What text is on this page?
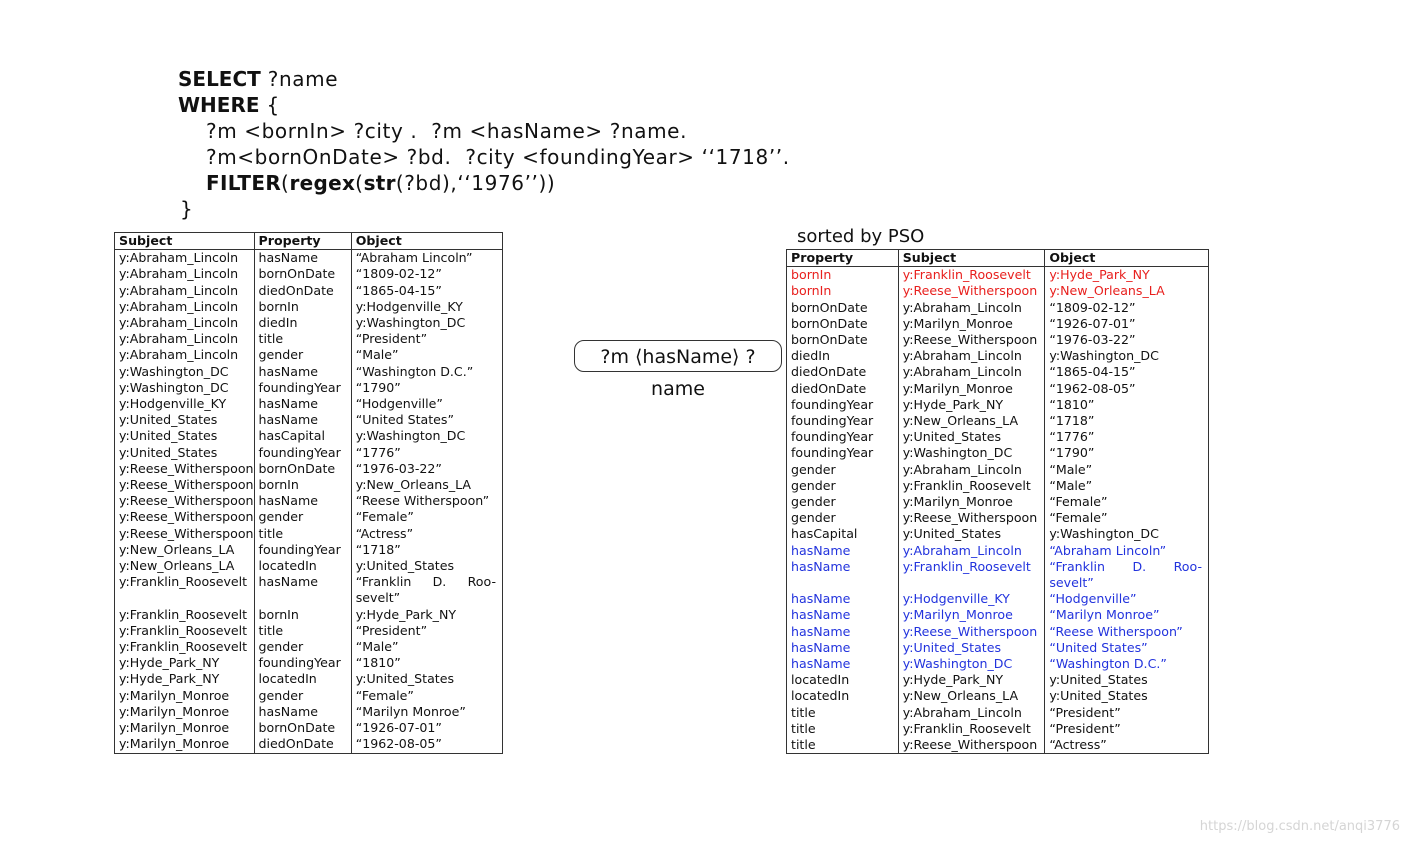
SELECT ?name
WHERE {
?m <bornIn> ?city .  ?m <hasName> ?name.
?m<bornOnDate> ?bd.  ?city <foundingYear> ‘‘1718’’.
FILTER(regex(str(?bd),‘‘1976’’))
}
Subject	Property	Object
y:Abraham_Lincoln	hasName	“Abraham Lincoln”
y:Abraham_Lincoln	bornOnDate	“1809-02-12”
y:Abraham_Lincoln	diedOnDate	“1865-04-15”
y:Abraham_Lincoln	bornIn	y:Hodgenville_KY
y:Abraham_Lincoln	diedIn	y:Washington_DC
y:Abraham_Lincoln	title	“President”
y:Abraham_Lincoln	gender	“Male”
y:Washington_DC	hasName	“Washington D.C.”
y:Washington_DC	foundingYear	“1790”
y:Hodgenville_KY	hasName	“Hodgenville”
y:United_States	hasName	“United States”
y:United_States	hasCapital	y:Washington_DC
y:United_States	foundingYear	“1776”
y:Reese_Witherspoon	bornOnDate	“1976-03-22”
y:Reese_Witherspoon	bornIn	y:New_Orleans_LA
y:Reese_Witherspoon	hasName	“Reese Witherspoon”
y:Reese_Witherspoon	gender	“Female”
y:Reese_Witherspoon	title	“Actress”
y:New_Orleans_LA	foundingYear	“1718”
y:New_Orleans_LA	locatedIn	y:United_States
y:Franklin_Roosevelt	hasName	“Franklin D. Roo-
sevelt”

y:Franklin_Roosevelt	bornIn	y:Hyde_Park_NY
y:Franklin_Roosevelt	title	“President”
y:Franklin_Roosevelt	gender	“Male”
y:Hyde_Park_NY	foundingYear	“1810”
y:Hyde_Park_NY	locatedIn	y:United_States
y:Marilyn_Monroe	gender	“Female”
y:Marilyn_Monroe	hasName	“Marilyn Monroe”
y:Marilyn_Monroe	bornOnDate	“1926-07-01”
y:Marilyn_Monroe	diedOnDate	“1962-08-05”
?m ⟨hasName⟩ ?name
sorted by PSO
Property	Subject	Object
bornIn	y:Franklin_Roosevelt	y:Hyde_Park_NY
bornIn	y:Reese_Witherspoon	y:New_Orleans_LA
bornOnDate	y:Abraham_Lincoln	“1809-02-12”
bornOnDate	y:Marilyn_Monroe	“1926-07-01”
bornOnDate	y:Reese_Witherspoon	“1976-03-22”
diedIn	y:Abraham_Lincoln	y:Washington_DC
diedOnDate	y:Abraham_Lincoln	“1865-04-15”
diedOnDate	y:Marilyn_Monroe	“1962-08-05”
foundingYear	y:Hyde_Park_NY	“1810”
foundingYear	y:New_Orleans_LA	“1718”
foundingYear	y:United_States	“1776”
foundingYear	y:Washington_DC	“1790”
gender	y:Abraham_Lincoln	“Male”
gender	y:Franklin_Roosevelt	“Male”
gender	y:Marilyn_Monroe	“Female”
gender	y:Reese_Witherspoon	“Female”
hasCapital	y:United_States	y:Washington_DC
hasName	y:Abraham_Lincoln	“Abraham Lincoln”
hasName	y:Franklin_Roosevelt	“Franklin D. Roo-
sevelt”

hasName	y:Hodgenville_KY	“Hodgenville”
hasName	y:Marilyn_Monroe	“Marilyn Monroe”
hasName	y:Reese_Witherspoon	“Reese Witherspoon”
hasName	y:United_States	“United States”
hasName	y:Washington_DC	“Washington D.C.”
locatedIn	y:Hyde_Park_NY	y:United_States
locatedIn	y:New_Orleans_LA	y:United_States
title	y:Abraham_Lincoln	“President”
title	y:Franklin_Roosevelt	“President”
title	y:Reese_Witherspoon	“Actress”
https://blog.csdn.net/anqi3776
